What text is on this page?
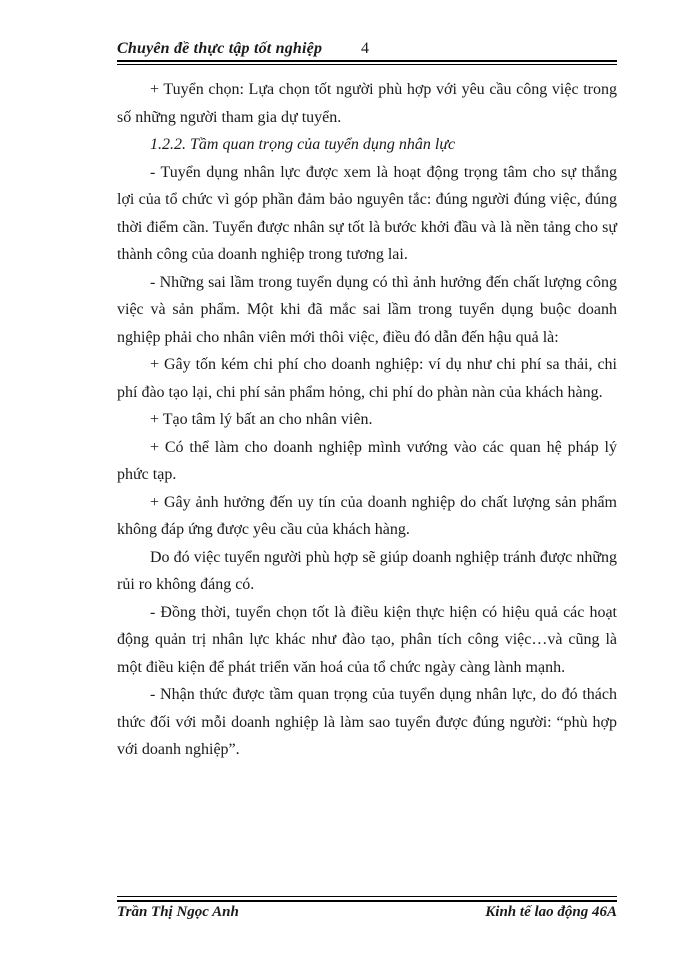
Chuyên đề thực tập tốt nghiệp 4

+ Tuyển chọn: Lựa chọn tốt người phù hợp với yêu cầu công việc trong số những người tham gia dự tuyển.

1.2.2. Tầm quan trọng của tuyển dụng nhân lực

- Tuyển dụng nhân lực được xem là hoạt động trọng tâm cho sự thắng lợi của tổ chức vì góp phần đảm bảo nguyên tắc: đúng người đúng việc, đúng thời điểm cần. Tuyển được nhân sự tốt là bước khởi đầu và là nền tảng cho sự thành công của doanh nghiệp trong tương lai.

- Những sai lầm trong tuyển dụng có thì ảnh hưởng đến chất lượng công việc và sản phẩm. Một khi đã mắc sai lầm trong tuyển dụng buộc doanh nghiệp phải cho nhân viên mới thôi việc, điều đó dẫn đến hậu quả là:

+ Gây tốn kém chi phí cho doanh nghiệp: ví dụ như chi phí sa thải, chi phí đào tạo lại, chi phí sản phẩm hỏng, chi phí do phàn nàn của khách hàng.

+ Tạo tâm lý bất an cho nhân viên.

+ Có thể làm cho doanh nghiệp mình vướng vào các quan hệ pháp lý phức tạp.

+ Gây ảnh hưởng đến uy tín của doanh nghiệp do chất lượng sản phẩm không đáp ứng được yêu cầu của khách hàng.

Do đó việc tuyển người phù hợp sẽ giúp doanh nghiệp tránh được những rủi ro không đáng có.

- Đồng thời, tuyển chọn tốt là điều kiện thực hiện có hiệu quả các hoạt động quản trị nhân lực khác như đào tạo, phân tích công việc…và cũng là một điều kiện để phát triển văn hoá của tổ chức ngày càng lành mạnh.

- Nhận thức được tầm quan trọng của tuyển dụng nhân lực, do đó thách thức đối với mỗi doanh nghiệp là làm sao tuyển được đúng người: “phù hợp với doanh nghiệp”.

Trần Thị Ngọc Anh	Kinh tế lao động 46A
